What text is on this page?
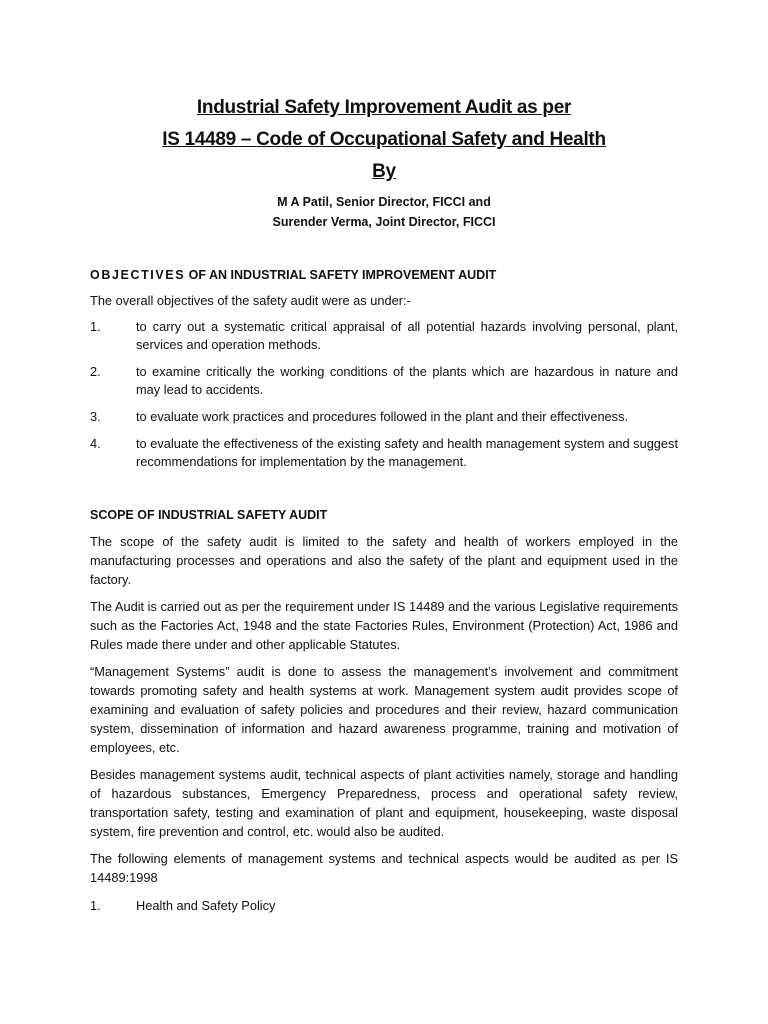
Industrial Safety Improvement Audit as per
IS 14489 – Code of Occupational Safety and Health
By
M A Patil, Senior Director, FICCI and
Surender Verma, Joint Director, FICCI
OBJECTIVES OF AN INDUSTRIAL SAFETY IMPROVEMENT AUDIT

The overall objectives of the safety audit were as under:-

1.	to carry out a systematic critical appraisal of all potential hazards involving personal, plant, services and operation methods.
2.	to examine critically the working conditions of the plants which are hazardous in nature and may lead to accidents.
3.	to evaluate work practices and procedures followed in the plant and their effectiveness.
4.	to evaluate the effectiveness of the existing safety and health management system and suggest recommendations for implementation by the management.
SCOPE OF INDUSTRIAL SAFETY AUDIT

The scope of the safety audit is limited to the safety and health of workers employed in the manufacturing processes and operations and also the safety of the plant and equipment used in the factory.

The Audit is carried out as per the requirement under IS 14489 and the various Legislative requirements such as the Factories Act, 1948 and the state Factories Rules, Environment (Protection) Act, 1986 and Rules made there under and other applicable Statutes.

“Management Systems” audit is done to assess the management’s involvement and commitment towards promoting safety and health systems at work. Management system audit provides scope of examining and evaluation of safety policies and procedures and their review, hazard communication system, dissemination of information and hazard awareness programme, training and motivation of employees, etc.

Besides management systems audit, technical aspects of plant activities namely, storage and handling of hazardous substances, Emergency Preparedness, process and operational safety review, transportation safety, testing and examination of plant and equipment, housekeeping, waste disposal system, fire prevention and control, etc. would also be audited.

The following elements of management systems and technical aspects would be audited as per IS 14489:1998

1.	Health and Safety Policy
